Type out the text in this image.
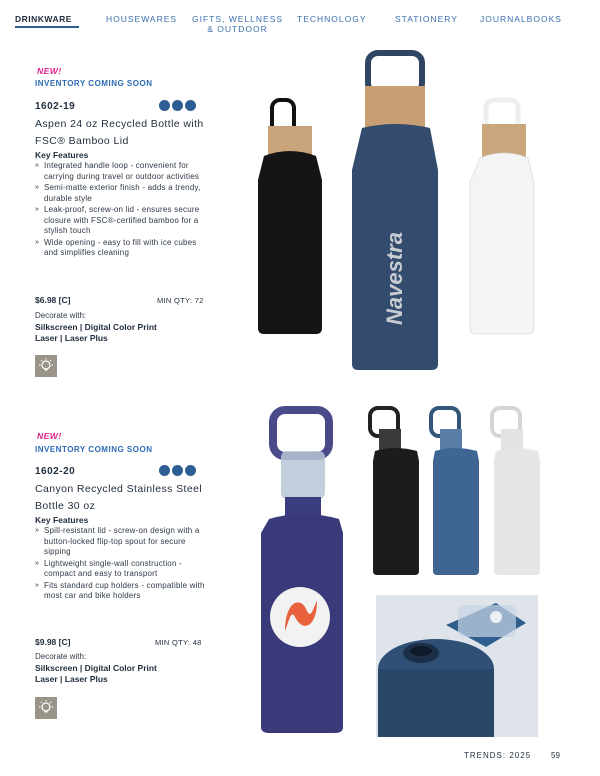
DRINKWARE	HOUSEWARES GIFTS, WELLNESS
& OUTDOOR
TECHNOLOGY	STATIONERY	JOURNALBOOKS
NEW!
INVENTORY COMING SOON
1602-19
Aspen 24 oz Recycled Bottle with FSC® Bamboo Lid
Key Features
» Integrated handle loop - convenient for carrying during travel or outdoor activities
» Semi-matte exterior finish - adds a trendy, durable style
» Leak-proof, screw-on lid - ensures secure closure with FSC®-certified bamboo for a stylish touch
» Wide opening - easy to fill with ice cubes and simplifies cleaning
$6.98 [C]	MIN QTY: 72
Decorate with:
Silkscreen | Digital Color Print
Laser | Laser Plus
Navestra
NEW!
INVENTORY COMING SOON
1602-20
Canyon Recycled Stainless Steel Bottle 30 oz
Key Features
» Spill-resistant lid - screw-on design with a button-locked flip-top spout for secure sipping
» Lightweight single-wall construction - compact and easy to transport
» Fits standard cup holders - compatible with most car and bike holders
$9.98 [C]	MIN QTY: 48
Decorate with:
Silkscreen | Digital Color Print
Laser | Laser Plus
TRENDS: 2025 59
